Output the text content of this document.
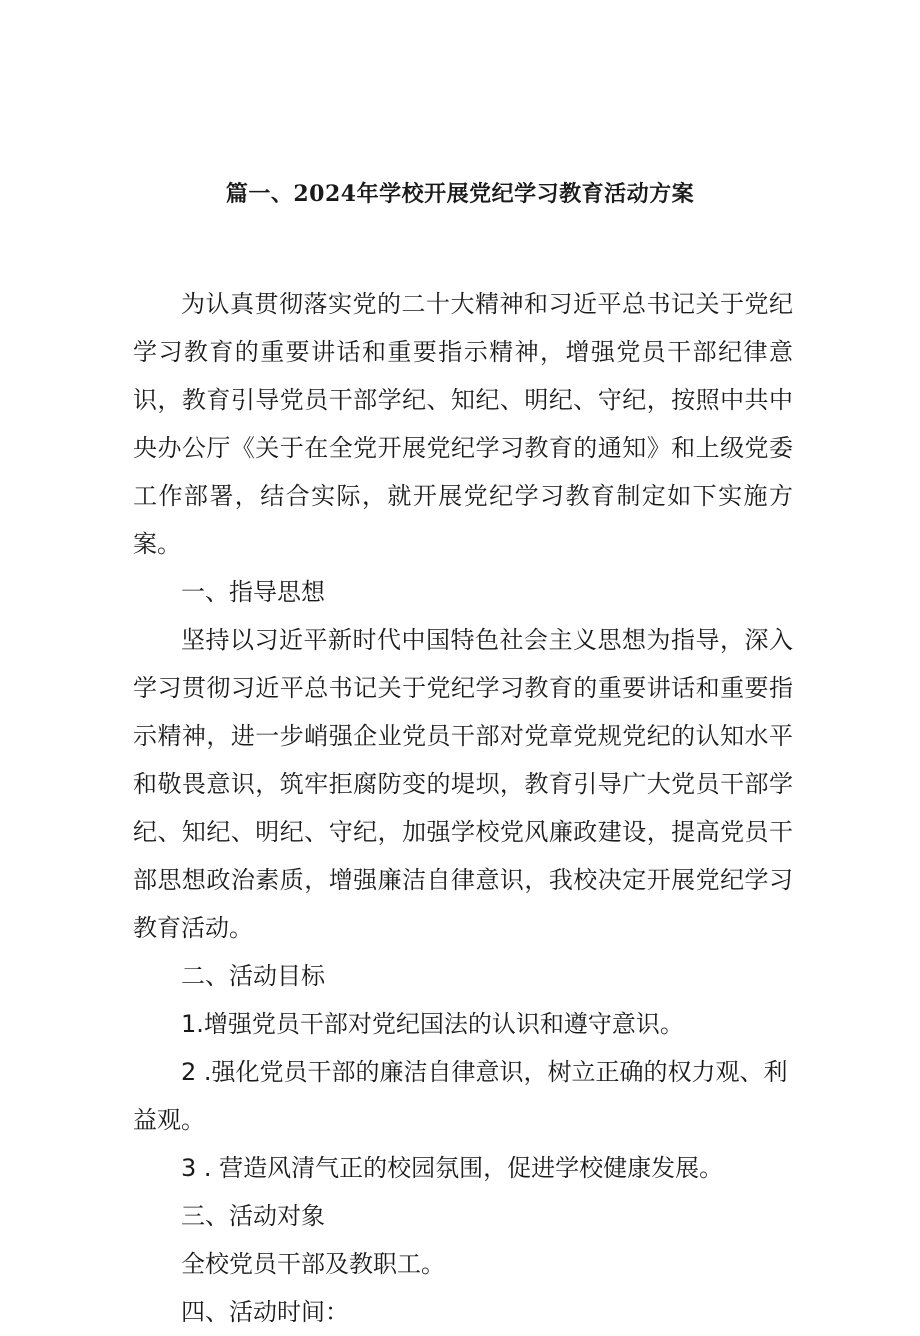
篇一、2024年学校开展党纪学习教育活动方案

为认真贯彻落实党的二十大精神和习近平总书记关于党纪学习教育的重要讲话和重要指示精神，增强党员干部纪律意识，教育引导党员干部学纪、知纪、明纪、守纪，按照中共中央办公厅《关于在全党开展党纪学习教育的通知》和上级党委工作部署，结合实际，就开展党纪学习教育制定如下实施方案。

一、指导思想

坚持以习近平新时代中国特色社会主义思想为指导，深入学习贯彻习近平总书记关于党纪学习教育的重要讲话和重要指示精神，进一步峭强企业党员干部对党章党规党纪的认知水平和敬畏意识，筑牢拒腐防变的堤坝，教育引导广大党员干部学纪、知纪、明纪、守纪，加强学校党风廉政建设，提高党员干部思想政治素质，增强廉洁自律意识，我校决定开展党纪学习教育活动。

二、活动目标

1.增强党员干部对党纪国法的认识和遵守意识。

2 .强化党员干部的廉洁自律意识，树立正确的权力观、利益观。

3 . 营造风清气正的校园氛围，促进学校健康发展。

三、活动对象

全校党员干部及教职工。

四、活动时间：
